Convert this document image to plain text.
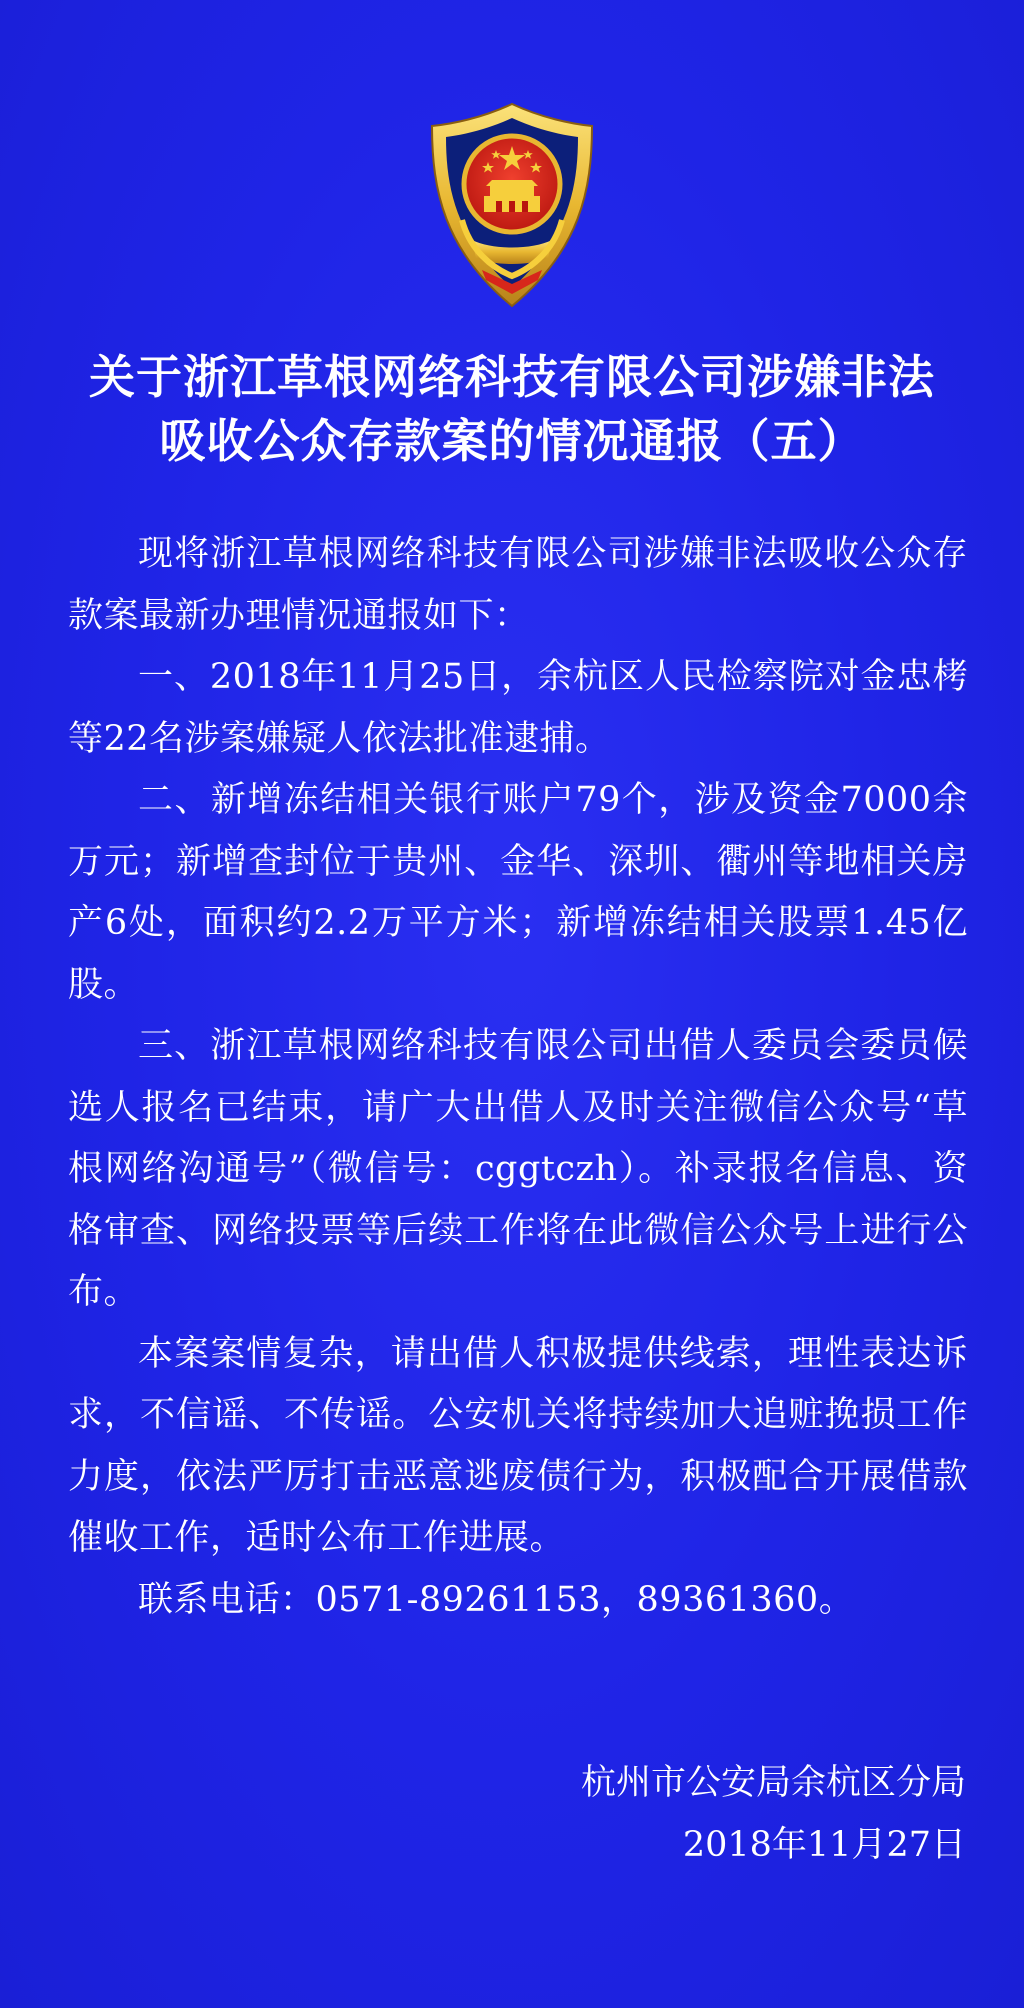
关于浙江草根网络科技有限公司涉嫌非法
吸收公众存款案的情况通报（五）

现将浙江草根网络科技有限公司涉嫌非法吸收公众存款案最新办理情况通报如下：

一、2018年11月25日，余杭区人民检察院对金忠栲等22名涉案嫌疑人依法批准逮捕。

二、新增冻结相关银行账户79个，涉及资金7000余万元；新增查封位于贵州、金华、深圳、衢州等地相关房产6处，面积约2.2万平方米；新增冻结相关股票1.45亿股。

三、浙江草根网络科技有限公司出借人委员会委员候选人报名已结束，请广大出借人及时关注微信公众号“草根网络沟通号”（微信号：cggtczh）。补录报名信息、资格审查、网络投票等后续工作将在此微信公众号上进行公布。

本案案情复杂，请出借人积极提供线索，理性表达诉求，不信谣、不传谣。公安机关将持续加大追赃挽损工作力度，依法严厉打击恶意逃废债行为，积极配合开展借款催收工作，适时公布工作进展。

联系电话：0571-89261153，89361360。

杭州市公安局余杭区分局
2018年11月27日
